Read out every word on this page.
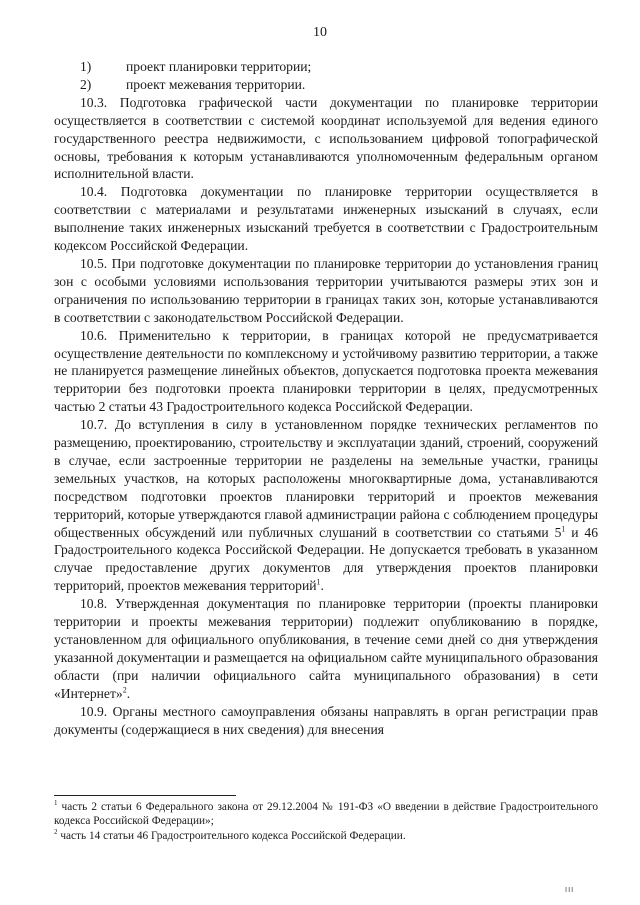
10
1)	проект планировки территории;
2)	проект межевания территории.

10.3. Подготовка графической части документации по планировке территории осуществляется в соответствии с системой координат используемой для ведения единого государственного реестра недвижимости, с использованием цифровой топографической основы, требования к которым устанавливаются уполномоченным федеральным органом исполнительной власти.

10.4. Подготовка документации по планировке территории осуществляется в соответствии с материалами и результатами инженерных изысканий в случаях, если выполнение таких инженерных изысканий требуется в соответствии с Градостроительным кодексом Российской Федерации.

10.5. При подготовке документации по планировке территории до установления границ зон с особыми условиями использования территории учитываются размеры этих зон и ограничения по использованию территории в границах таких зон, которые устанавливаются в соответствии с законодательством Российской Федерации.

10.6. Применительно к территории, в границах которой не предусматривается осуществление деятельности по комплексному и устойчивому развитию территории, а также не планируется размещение линейных объектов, допускается подготовка проекта межевания территории без подготовки проекта планировки территории в целях, предусмотренных частью 2 статьи 43 Градостроительного кодекса Российской Федерации.

10.7. До вступления в силу в установленном порядке технических регламентов по размещению, проектированию, строительству и эксплуатации зданий, строений, сооружений в случае, если застроенные территории не разделены на земельные участки, границы земельных участков, на которых расположены многоквартирные дома, устанавливаются посредством подготовки проектов планировки территорий и проектов межевания территорий, которые утверждаются главой администрации района с соблюдением процедуры общественных обсуждений или публичных слушаний в соответствии со статьями $5^1$ и 46 Градостроительного кодекса Российской Федерации. Не допускается требовать в указанном случае предоставление других документов для утверждения проектов планировки территорий, проектов межевания территорий$^1$.

10.8. Утвержденная документация по планировке территории (проекты планировки территории и проекты межевания территории) подлежит опубликованию в порядке, установленном для официального опубликования, в течение семи дней со дня утверждения указанной документации и размещается на официальном сайте муниципального образования области (при наличии официального сайта муниципального образования) в сети «Интернет»$^2$.

10.9. Органы местного самоуправления обязаны направлять в орган регистрации прав документы (содержащиеся в них сведения) для внесения

$^1$ часть 2 статьи 6 Федерального закона от 29.12.2004 № 191-ФЗ «О введении в действие Градостроительного кодекса Российской Федерации»;

$^2$ часть 14 статьи 46 Градостроительного кодекса Российской Федерации.

III
